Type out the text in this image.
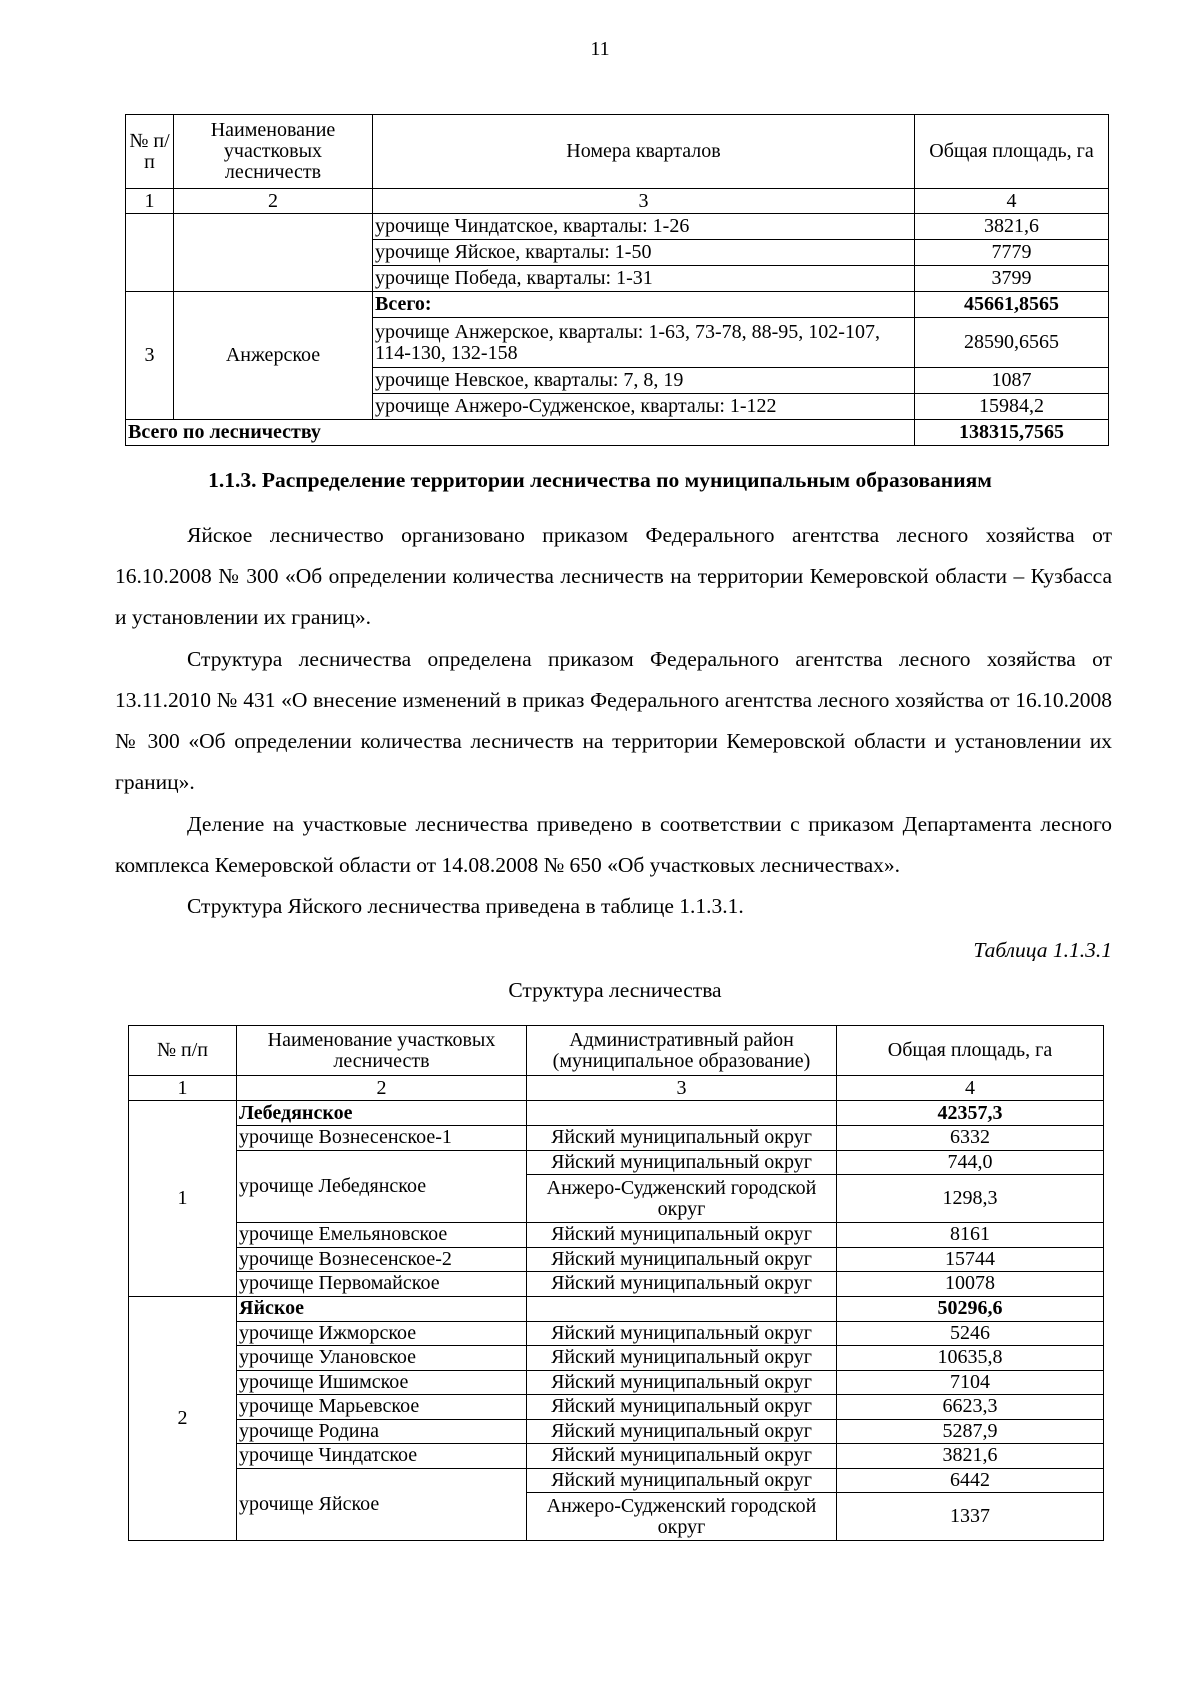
11
№ п/п	Наименование участковых лесничеств	Номера кварталов	Общая площадь, га
1	2	3	4
		урочище Чиндатское, кварталы: 1-26	3821,6
		урочище Яйское, кварталы: 1-50	7779
		урочище Победа, кварталы: 1-31	3799
3	Анжерское	Всего:	45661,8565
		урочище Анжерское, кварталы: 1-63, 73-78, 88-95, 102-107, 114-130, 132-158	28590,6565
		урочище Невское, кварталы: 7, 8, 19	1087
		урочище Анжеро-Судженское, кварталы: 1-122	15984,2
Всего по лесничеству			138315,7565
1.1.3. Распределение территории лесничества по муниципальным образованиям

Яйское лесничество организовано приказом Федерального агентства лесного хозяйства от 16.10.2008 № 300 «Об определении количества лесничеств на территории Кемеровской области – Кузбасса и установлении их границ».

Структура лесничества определена приказом Федерального агентства лесного хозяйства от 13.11.2010 № 431 «О внесение изменений в приказ Федерального агентства лесного хозяйства от 16.10.2008 № 300 «Об определении количества лесничеств на территории Кемеровской области и установлении их границ».

Деление на участковые лесничества приведено в соответствии с приказом Департамента лесного комплекса Кемеровской области от 14.08.2008 № 650 «Об участковых лесничествах».

Структура Яйского лесничества приведена в таблице 1.1.3.1.

Таблица 1.1.3.1
Структура лесничества
№ п/п	Наименование участковых лесничеств	Административный район (муниципальное образование)	Общая площадь, га
1	2	3	4
1	Лебедянское		42357,3
	урочище Вознесенское-1	Яйский муниципальный округ	6332
	урочище Лебедянское	Яйский муниципальный округ	744,0
		Анжеро-Судженский городской округ	1298,3
	урочище Емельяновское	Яйский муниципальный округ	8161
	урочище Вознесенское-2	Яйский муниципальный округ	15744
	урочище Первомайское	Яйский муниципальный округ	10078
2	Яйское		50296,6
	урочище Ижморское	Яйский муниципальный округ	5246
	урочище Улановское	Яйский муниципальный округ	10635,8
	урочище Ишимское	Яйский муниципальный округ	7104
	урочище Марьевское	Яйский муниципальный округ	6623,3
	урочище Родина	Яйский муниципальный округ	5287,9
	урочище Чиндатское	Яйский муниципальный округ	3821,6
	урочище Яйское	Яйский муниципальный округ	6442
		Анжеро-Судженский городской округ	1337
